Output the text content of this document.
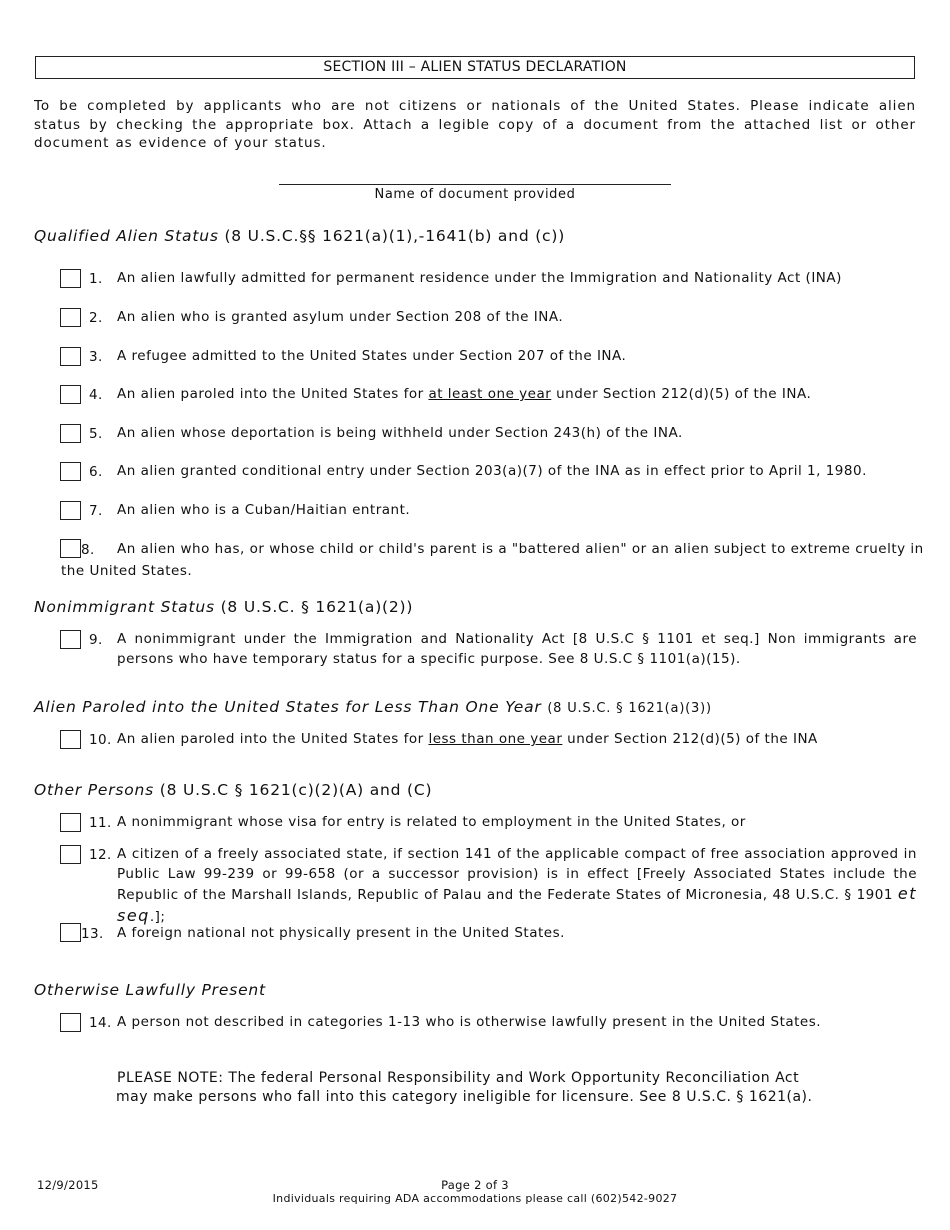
SECTION III – ALIEN STATUS DECLARATION
To be completed by applicants who are not citizens or nationals of the United States. Please indicate alien status by checking the appropriate box. Attach a legible copy of a document from the attached list or other document as evidence of your status.
Name of document provided
Qualified Alien Status (8 U.S.C.§§ 1621(a)(1),-1641(b) and (c))
1. An alien lawfully admitted for permanent residence under the Immigration and Nationality Act (INA)
2. An alien who is granted asylum under Section 208 of the INA.
3. A refugee admitted to the United States under Section 207 of the INA.
4. An alien paroled into the United States for at least one year under Section 212(d)(5) of the INA.
5. An alien whose deportation is being withheld under Section 243(h) of the INA.
6. An alien granted conditional entry under Section 203(a)(7) of the INA as in effect prior to April 1, 1980.
7. An alien who is a Cuban/Haitian entrant.
8. An alien who has, or whose child or child's parent is a "battered alien" or an alien subject to extreme cruelty in
the United States.
Nonimmigrant Status (8 U.S.C. § 1621(a)(2))
9. A nonimmigrant under the Immigration and Nationality Act [8 U.S.C § 1101 et seq.] Non immigrants are persons who have temporary status for a specific purpose. See 8 U.S.C § 1101(a)(15).
Alien Paroled into the United States for Less Than One Year (8 U.S.C. § 1621(a)(3))
10. An alien paroled into the United States for less than one year under Section 212(d)(5) of the INA
Other Persons (8 U.S.C § 1621(c)(2)(A) and (C)
11. A nonimmigrant whose visa for entry is related to employment in the United States, or
12. A citizen of a freely associated state, if section 141 of the applicable compact of free association approved in Public Law 99-239 or 99-658 (or a successor provision) is in effect [Freely Associated States include the Republic of the Marshall Islands, Republic of Palau and the Federate States of Micronesia, 48 U.S.C. § 1901 et seq.];
13. A foreign national not physically present in the United States.
Otherwise Lawfully Present
14. A person not described in categories 1-13 who is otherwise lawfully present in the United States.
PLEASE NOTE: The federal Personal Responsibility and Work Opportunity Reconciliation Act
may make persons who fall into this category ineligible for licensure. See 8 U.S.C. § 1621(a).
12/9/2015	Page 2 of 3
Individuals requiring ADA accommodations please call (602)542-9027
